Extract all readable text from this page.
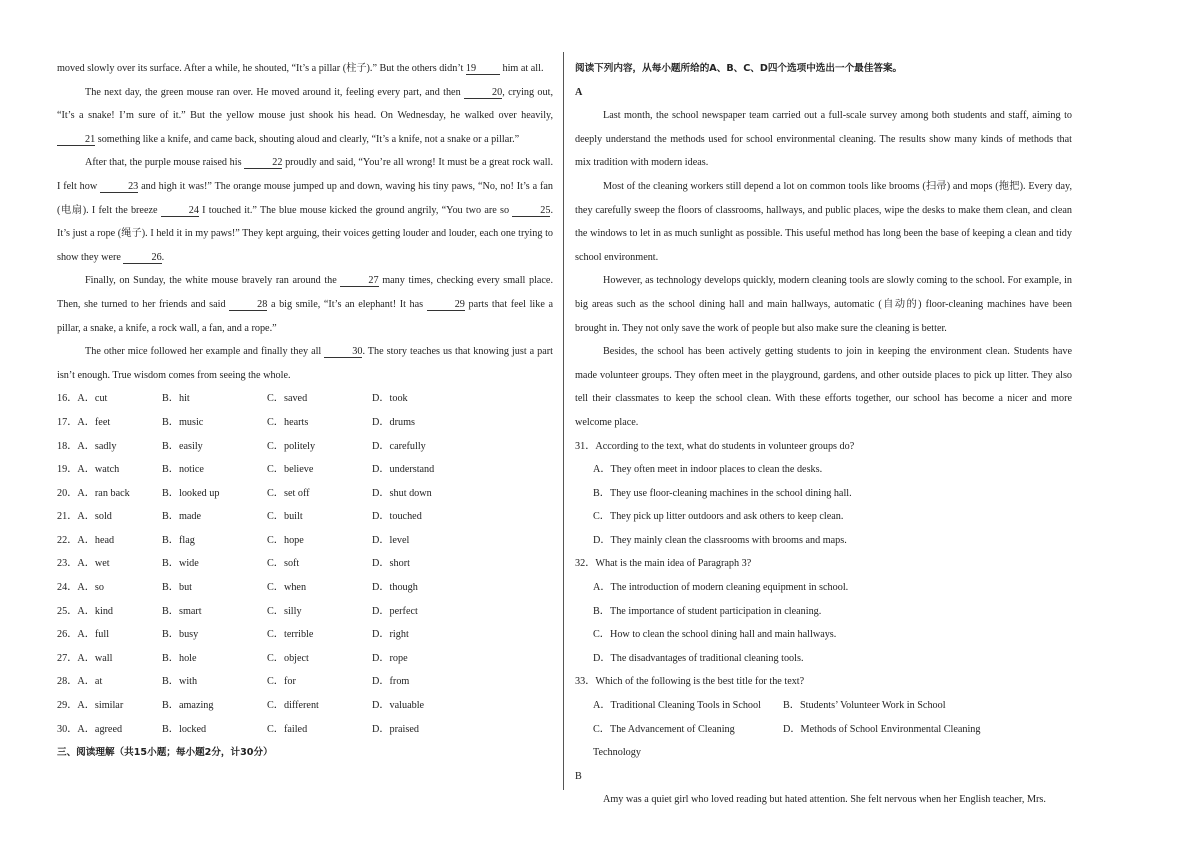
moved slowly over its surface. After a while, he shouted, “It’s a pillar (柱子).” But the others didn’t 19 him at all.

The next day, the green mouse ran over. He moved around it, feeling every part, and then	20, crying out, “It’s a snake! I’m sure of it.” But the yellow mouse just shook his head. On Wednesday, he walked over heavily, 21 something like a knife, and came back, shouting aloud and clearly, “It’s a knife, not a snake or a pillar.”

After that, the purple mouse raised his	22 proudly and said, “You’re all wrong! It must be a great rock wall. I felt how	23 and high it was!” The orange mouse jumped up and down, waving his tiny paws, “No, no! It’s a fan (电扇). I felt the breeze	24 I touched it.” The blue mouse kicked the ground angrily, “You two are so	25. It’s just a rope (绳子). I held it in my paws!” They kept arguing, their voices getting louder and louder, each one trying to show they were	26.

Finally, on Sunday, the white mouse bravely ran around the	27 many times, checking every small place. Then, she turned to her friends and said	28 a big smile, “It’s an elephant! It has	29 parts that feel like a pillar, a snake, a knife, a rock wall, a fan, and a rope.”

The other mice followed her example and finally they all	30. The story teaches us that knowing just a part isn’t enough. True wisdom comes from seeing the whole.

16．A．cut	B．hit	C．saved	D．took
17．A．feet	B．music	C．hearts	D．drums
18．A．sadly	B．easily	C．politely	D．carefully
19．A．watch	B．notice	C．believe	D．understand
20．A．ran back	B．looked up	C．set off	D．shut down
21．A．sold	B．made	C．built	D．touched
22．A．head	B．flag	C．hope	D．level
23．A．wet	B．wide	C．soft	D．short
24．A．so	B．but	C．when	D．though
25．A．kind	B．smart	C．silly	D．perfect
26．A．full	B．busy	C．terrible	D．right
27．A．wall	B．hole	C．object	D．rope
28．A．at	B．with	C．for	D．from
29．A．similar	B．amazing	C．different	D．valuable
30．A．agreed	B．locked	C．failed	D．praised

三、阅读理解（共15小题；每小题2分，计30分）

阅读下列内容，从每小题所给的A、B、C、D四个选项中选出一个最佳答案。

A

Last month, the school newspaper team carried out a full-scale survey among both students and staff, aiming to deeply understand the methods used for school environmental cleaning. The results show many kinds of methods that mix tradition with modern ideas.

Most of the cleaning workers still depend a lot on common tools like brooms (扫帚) and mops (拖把). Every day, they carefully sweep the floors of classrooms, hallways, and public places, wipe the desks to make them clean, and clean the windows to let in as much sunlight as possible. This useful method has long been the base of keeping a clean and tidy school environment.

However, as technology develops quickly, modern cleaning tools are slowly coming to the school. For example, in big areas such as the school dining hall and main hallways, automatic (自动的) floor-cleaning machines have been brought in. They not only save the work of people but also make sure the cleaning is better.

Besides, the school has been actively getting students to join in keeping the environment clean. Students have made volunteer groups. They often meet in the playground, gardens, and other outside places to pick up litter. They also tell their classmates to keep the school clean. With these efforts together, our school has become a nicer and more welcome place.

31．According to the text, what do students in volunteer groups do?

A．They often meet in indoor places to clean the desks.

B．They use floor-cleaning machines in the school dining hall.

C．They pick up litter outdoors and ask others to keep clean.

D．They mainly clean the classrooms with brooms and maps.

32．What is the main idea of Paragraph 3?

A．The introduction of modern cleaning equipment in school.

B．The importance of student participation in cleaning.

C．How to clean the school dining hall and main hallways.

D．The disadvantages of traditional cleaning tools.

33．Which of the following is the best title for the text?

A．Traditional Cleaning Tools in School	B．Students’ Volunteer Work in School
C．The Advancement of Cleaning Technology
D．Methods of School Environmental Cleaning

B

Amy was a quiet girl who loved reading but hated attention. She felt nervous when her English teacher, Mrs.
